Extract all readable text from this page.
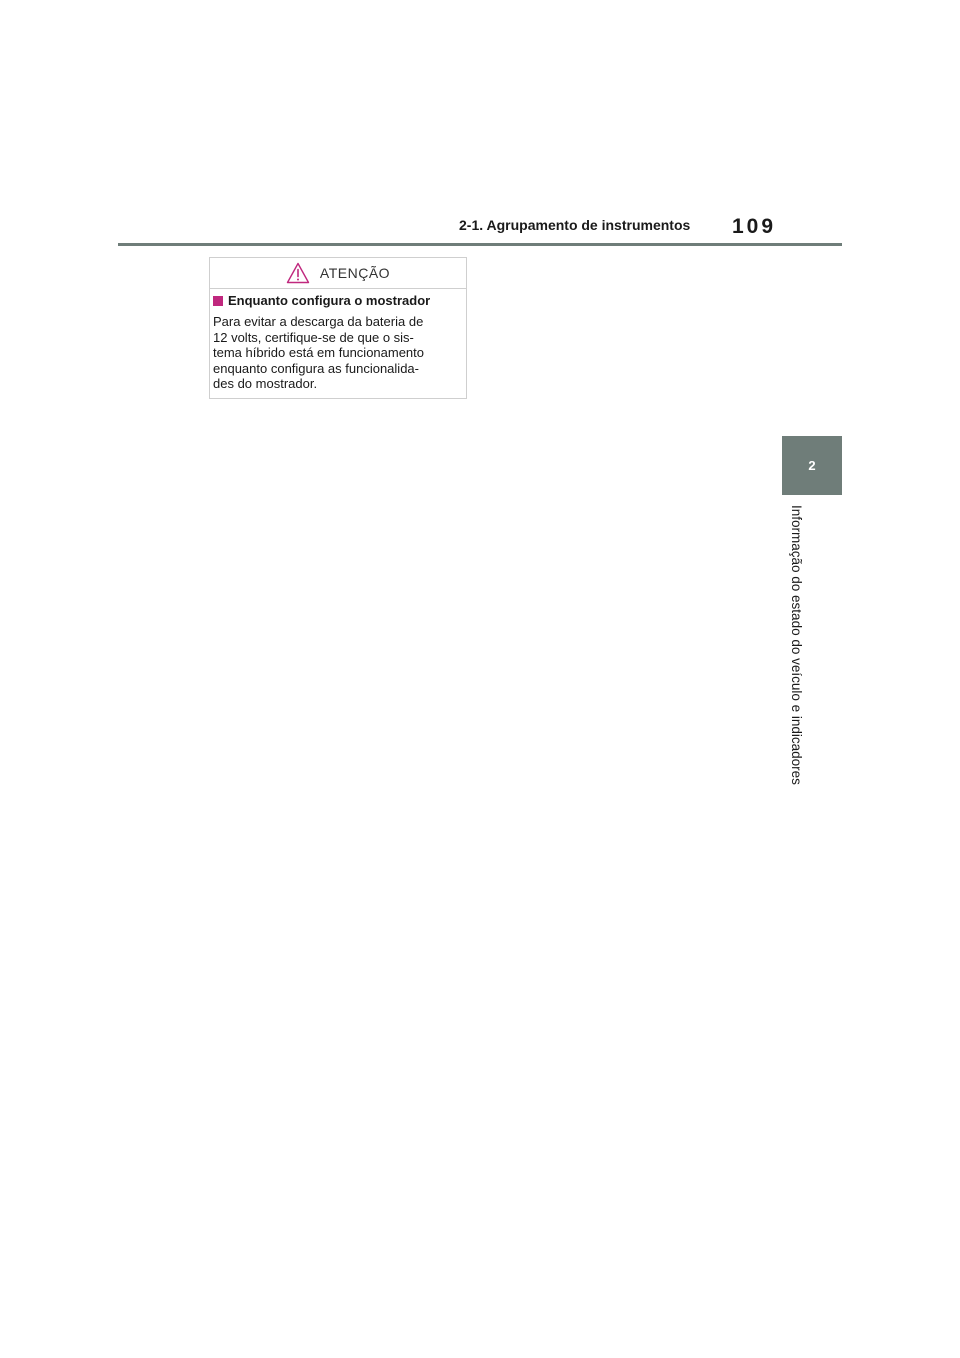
2-1. Agrupamento de instrumentos 109
2
Informação do estado do veículo e indicadores
ATENÇÃO
Enquanto configura o mostrador
Para evitar a descarga da bateria de
12 volts, certifique-se de que o sis-
tema híbrido está em funcionamento
enquanto configura as funcionalida-
des do mostrador.
